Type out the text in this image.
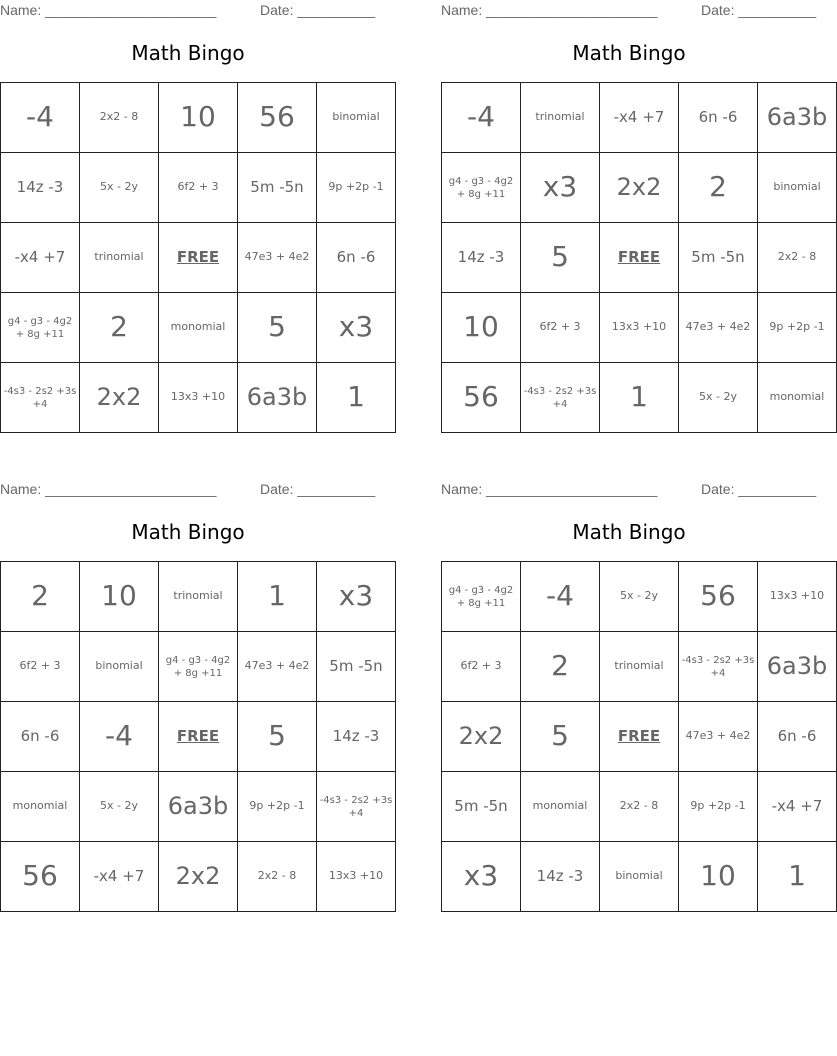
Name: ______________________	Date: __________
Math Bingo
-4	2x2 - 8	10	56	binomial
14z -3	5x - 2y	6f2 + 3	5m -5n	9p +2p -1
-x4 +7	trinomial	FREE	47e3 + 4e2	6n -6
g4 - g3 - 4g2 + 8g +11	2	monomial	5	x3
-4s3 - 2s2 +3s +4	2x2	13x3 +10	6a3b	1
Name: ______________________	Date: __________
Math Bingo
-4	trinomial	-x4 +7	6n -6	6a3b
g4 - g3 - 4g2 + 8g +11	x3	2x2	2	binomial
14z -3	5	FREE	5m -5n	2x2 - 8
10	6f2 + 3	13x3 +10	47e3 + 4e2	9p +2p -1
56	-4s3 - 2s2 +3s +4	1	5x - 2y	monomial
Name: ______________________	Date: __________
Math Bingo
2	10	trinomial	1	x3
6f2 + 3	binomial	g4 - g3 - 4g2 + 8g +11	47e3 + 4e2	5m -5n
6n -6	-4	FREE	5	14z -3
monomial	5x - 2y	6a3b	9p +2p -1	-4s3 - 2s2 +3s +4
56	-x4 +7	2x2	2x2 - 8	13x3 +10
Name: ______________________	Date: __________
Math Bingo
g4 - g3 - 4g2 + 8g +11	-4	5x - 2y	56	13x3 +10
6f2 + 3	2	trinomial	-4s3 - 2s2 +3s +4	6a3b
2x2	5	FREE	47e3 + 4e2	6n -6
5m -5n	monomial	2x2 - 8	9p +2p -1	-x4 +7
x3	14z -3	binomial	10	1
